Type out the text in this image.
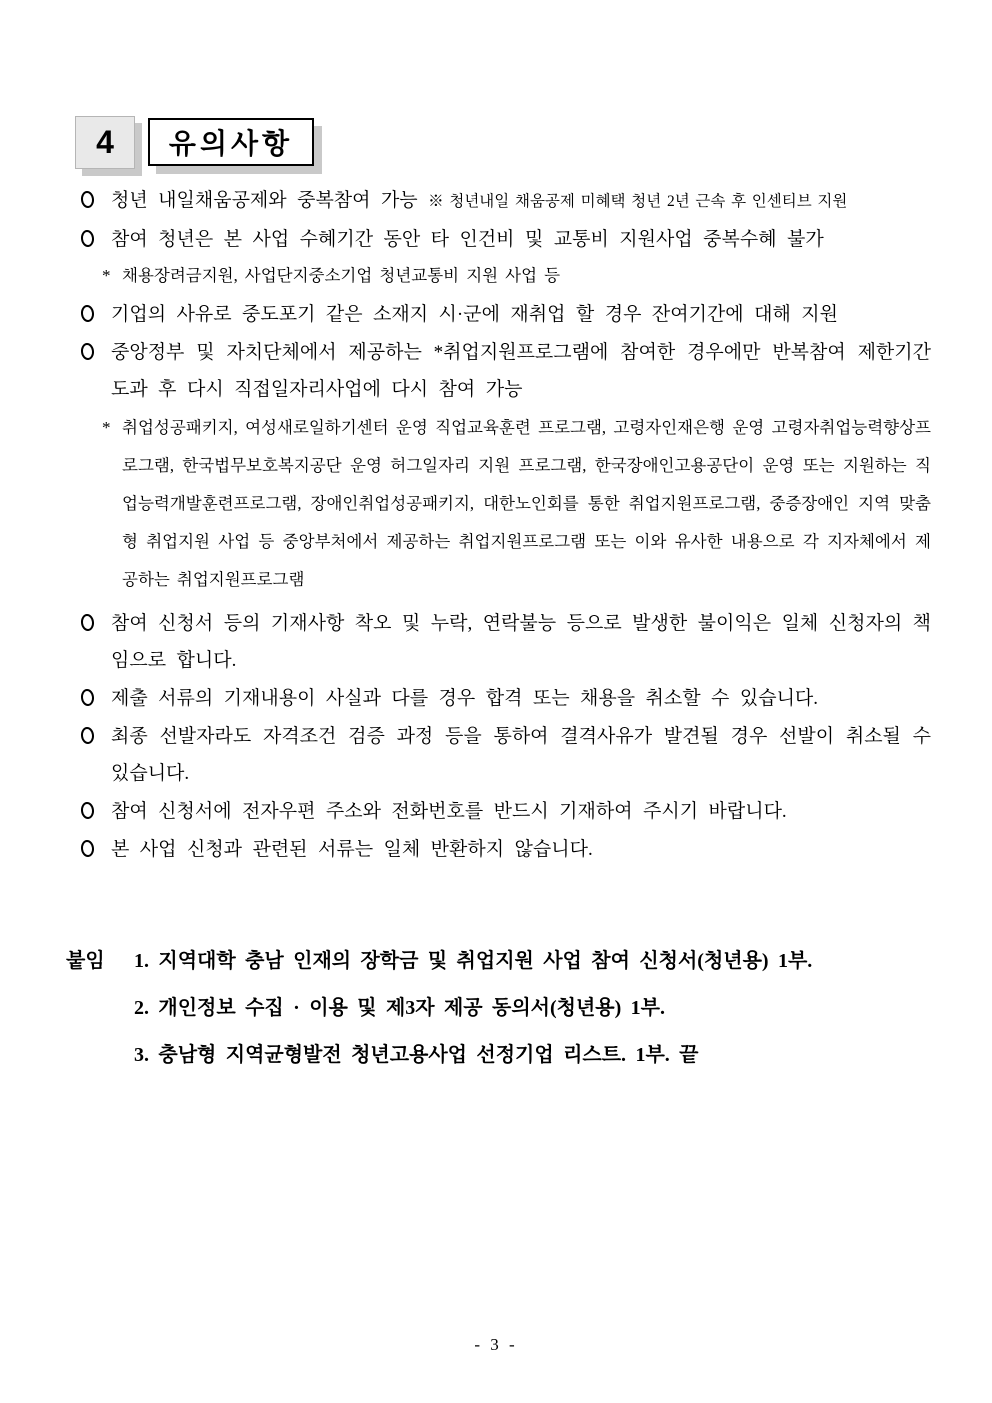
4 유의사항
청년 내일채움공제와 중복참여 가능 ※ 청년내일 채움공제 미혜택 청년 2년 근속 후 인센티브 지원
참여 청년은 본 사업 수혜기간 동안 타 인건비 및 교통비 지원사업 중복수혜 불가
* 채용장려금지원, 사업단지중소기업 청년교통비 지원 사업 등
기업의 사유로 중도포기 같은 소재지 시·군에 재취업 할 경우 잔여기간에 대해 지원
중앙정부 및 자치단체에서 제공하는 *취업지원프로그램에 참여한 경우에만 반복참여 제한기간 도과 후 다시 직접일자리사업에 다시 참여 가능
* 취업성공패키지, 여성새로일하기센터 운영 직업교육훈련 프로그램, 고령자인재은행 운영 고령자취업능력향상프로그램, 한국법무보호복지공단 운영 허그일자리 지원 프로그램, 한국장애인고용공단이 운영 또는 지원하는 직업능력개발훈련프로그램, 장애인취업성공패키지, 대한노인회를 통한 취업지원프로그램, 중증장애인 지역 맞춤형 취업지원 사업 등 중앙부처에서 제공하는 취업지원프로그램 또는 이와 유사한 내용으로 각 지자체에서 제공하는 취업지원프로그램
참여 신청서 등의 기재사항 착오 및 누락, 연락불능 등으로 발생한 불이익은 일체 신청자의 책임으로 합니다.
제출 서류의 기재내용이 사실과 다를 경우 합격 또는 채용을 취소할 수 있습니다.
최종 선발자라도 자격조건 검증 과정 등을 통하여 결격사유가 발견될 경우 선발이 취소될 수 있습니다.
참여 신청서에 전자우편 주소와 전화번호를 반드시 기재하여 주시기 바랍니다.
본 사업 신청과 관련된 서류는 일체 반환하지 않습니다.
붙임	1. 지역대학 충남 인재의 장학금 및 취업지원 사업 참여 신청서(청년용) 1부.
2. 개인정보 수집 · 이용 및 제3자 제공 동의서(청년용) 1부.
3. 충남형 지역균형발전 청년고용사업 선정기업 리스트. 1부. 끝
- 3 -
